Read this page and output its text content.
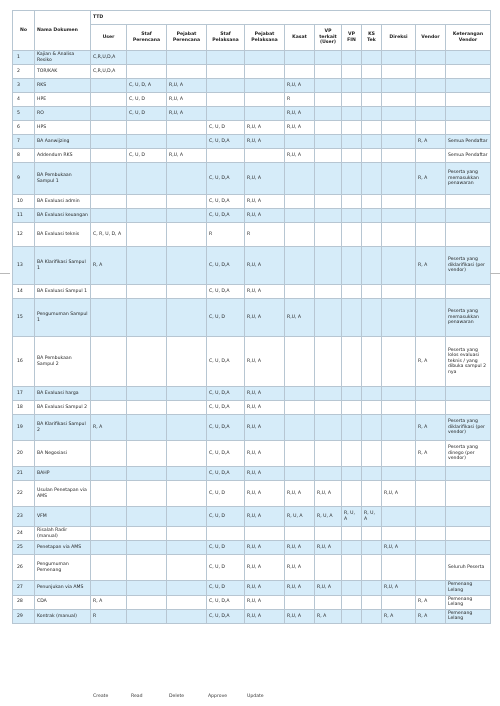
No	Nama Dokumen	TTD											
		User	Staf Perencana	Pejabat Perencana	Staf Pelaksana	Pejabat Pelaksana	Kasat	VP terkait (User)	VP FIN	KS Tek	Direksi	Vendor	Keterangan Vendor
1	Kajian & Analisa Resiko	C,R,U,D,A											
2	TOR/KAK	C,R,U,D,A											
3	RKS		C, U, D, A	R,U, A			R,U, A						
4	HPE		C, U, D	R,U, A			R						
5	RO		C, U, D	R,U, A			R,U, A						
6	HPS				C, U, D	R,U, A	R,U, A						
7	BA Aanwijzing				C, U, D,A	R,U, A						R, A	Semua Pendaftar
8	Addendum RKS		C, U, D	R,U, A			R,U, A						Semua Pendaftar
9	BA Pembukaan Sampul 1				C, U, D,A	R,U, A						R, A	Peserta yang memasukkan penawaran
10	BA Evaluasi admin				C, U, D,A	R,U, A							
11	BA Evaluasi keuangan				C, U, D,A	R,U, A							
12	BA Evaluasi teknis	C, R, U, D, A			R	R							
13	BA Klarifikasi Sampul 1	R, A			C, U, D,A	R,U, A						R, A	Peserta yang diklarifikasi (per vendor)
14	BA Evaluasi Sampul 1				C, U, D,A	R,U, A							
15	Pengumuman Sampul 1				C, U, D	R,U, A	R,U, A						Peserta yang memasukkan penawaran
16	BA Pembukaan Sampul 2				C, U, D,A	R,U, A						R, A	Peserta yang lolos evaluasi teknis / yang dibuka sampul 2 nya
17	BA Evaluasi harga				C, U, D,A	R,U, A							
18	BA Evaluasi Sampul 2				C, U, D,A	R,U, A							
19	BA Klarifikasi Sampul 2	R, A			C, U, D,A	R,U, A						R, A	Peserta yang diklarifikasi (per vendor)
20	BA Negosiasi				C, U, D,A	R,U, A						R, A	Peserta yang dinego (per vendor)
21	BAHP				C, U, D,A	R,U, A							
22	Usulan Penetapan via AMS				C, U, D	R,U, A	R,U, A	R,U, A			R,U, A		
23	VFM				C, U, D	R,U, A	R, U, A	R, U, A	R, U, A	R, U, A			
24	Risalah Radir (manual)												
25	Penetapan via AMS				C, U, D	R,U, A	R,U, A	R,U, A			R,U, A		
26	Pengumuman Pemenang				C, U, D	R,U, A	R,U, A						Seluruh Peserta
27	Penunjukan via AMS				C, U, D	R,U, A	R,U, A	R,U, A			R,U, A		Pemenang Lelang
28	CDA	R, A			C, U, D,A	R,U, A						R, A	Pemenang Lelang
29	Kontrak (manual)	R			C, U, D,A	R,U, A	R,U, A	R, A			R, A	R, A	Pemenang Lelang
Create	Read	Delete	Approve	Update
